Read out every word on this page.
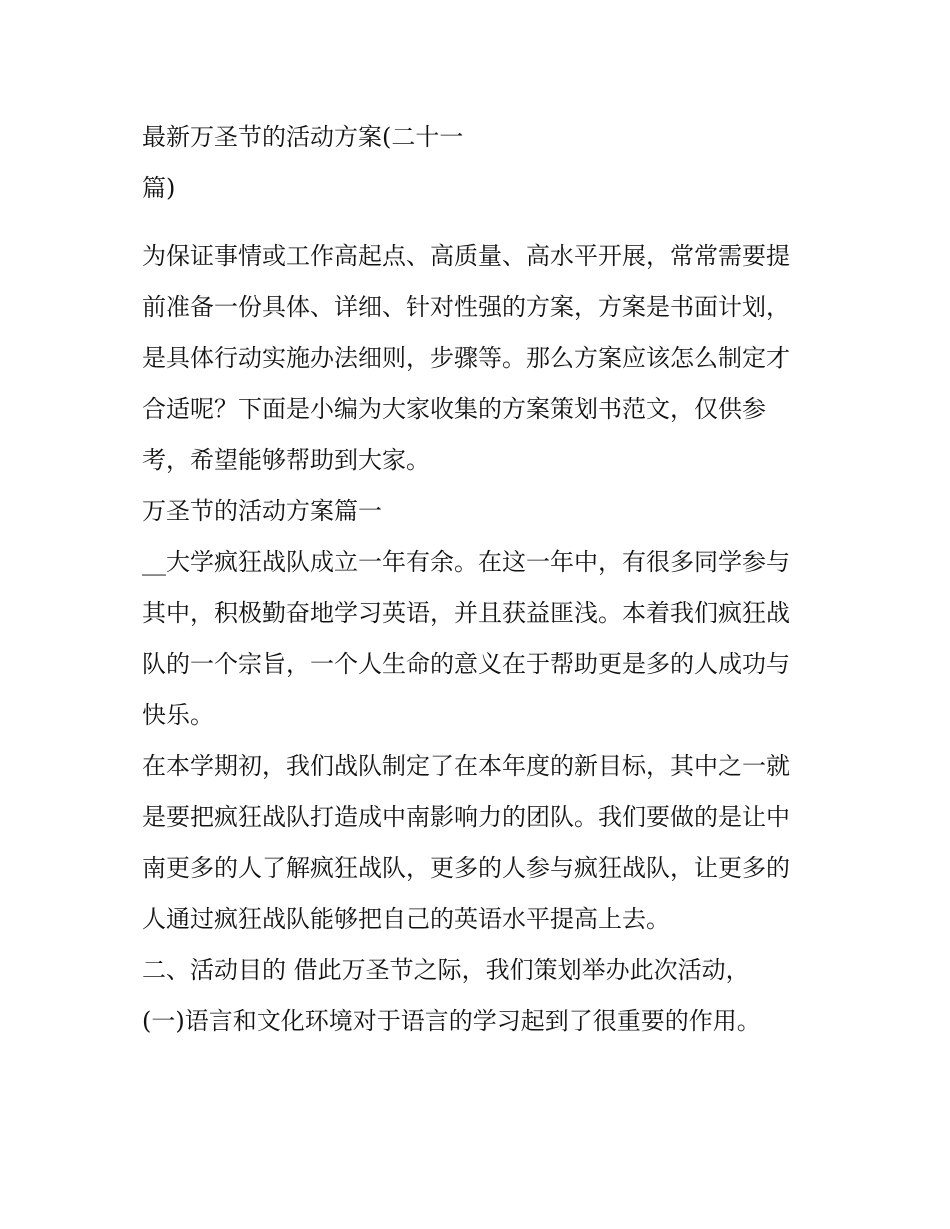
最新万圣节的活动方案(二十一
篇)
为保证事情或工作高起点、高质量、高水平开展，常常需要提
前准备一份具体、详细、针对性强的方案，方案是书面计划，
是具体行动实施办法细则，步骤等。那么方案应该怎么制定才
合适呢？下面是小编为大家收集的方案策划书范文，仅供参
考，希望能够帮助到大家。
万圣节的活动方案篇一
__大学疯狂战队成立一年有余。在这一年中，有很多同学参与
其中，积极勤奋地学习英语，并且获益匪浅。本着我们疯狂战
队的一个宗旨，一个人生命的意义在于帮助更是多的人成功与
快乐。
在本学期初，我们战队制定了在本年度的新目标，其中之一就
是要把疯狂战队打造成中南影响力的团队。我们要做的是让中
南更多的人了解疯狂战队，更多的人参与疯狂战队，让更多的
人通过疯狂战队能够把自己的英语水平提高上去。
二、活动目的 借此万圣节之际，我们策划举办此次活动，
(一)语言和文化环境对于语言的学习起到了很重要的作用。
